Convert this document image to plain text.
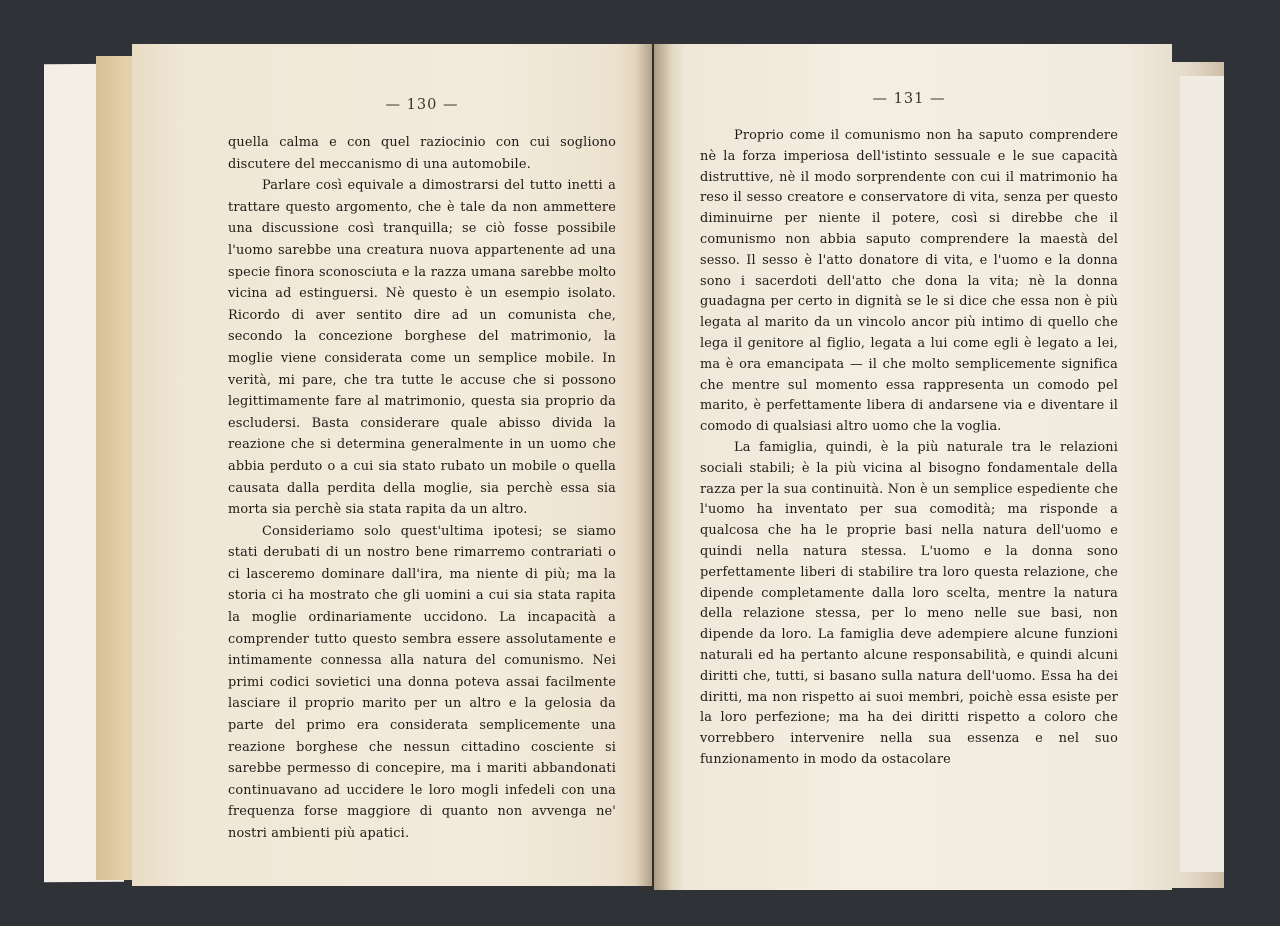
— 130 —

quella calma e con quel raziocinio con cui sogliono discutere del meccanismo di una automobile.

Parlare così equivale a dimostrarsi del tutto inetti a trattare questo argomento, che è tale da non ammettere una discussione così tranquilla; se ciò fosse possibile l'uomo sarebbe una creatura nuova appartenente ad una specie finora sconosciuta e la razza umana sarebbe molto vicina ad estinguersi. Nè questo è un esempio isolato. Ricordo di aver sentito dire ad un comunista che, secondo la concezione borghese del matrimonio, la moglie viene considerata come un semplice mobile. In verità, mi pare, che tra tutte le accuse che si possono legittimamente fare al matrimonio, questa sia proprio da escludersi. Basta considerare quale abisso divida la reazione che si determina generalmente in un uomo che abbia perduto o a cui sia stato rubato un mobile o quella causata dalla perdita della moglie, sia perchè essa sia morta sia perchè sia stata rapita da un altro.

Consideriamo solo quest'ultima ipotesi; se siamo stati derubati di un nostro bene rimarremo contrariati o ci lasceremo dominare dall'ira, ma niente di più; ma la storia ci ha mostrato che gli uomini a cui sia stata rapita la moglie ordinariamente uccidono. La incapacità a comprender tutto questo sembra essere assolutamente e intimamente connessa alla natura del comunismo. Nei primi codici sovietici una donna poteva assai facilmente lasciare il proprio marito per un altro e la gelosia da parte del primo era considerata semplicemente una reazione borghese che nessun cittadino cosciente si sarebbe permesso di concepire, ma i mariti abbandonati continuavano ad uccidere le loro mogli infedeli con una frequenza forse maggiore di quanto non avvenga ne' nostri ambienti più apatici.

— 131 —

Proprio come il comunismo non ha saputo comprendere nè la forza imperiosa dell'istinto sessuale e le sue capacità distruttive, nè il modo sorprendente con cui il matrimonio ha reso il sesso creatore e conservatore di vita, senza per questo diminuirne per niente il potere, così si direbbe che il comunismo non abbia saputo comprendere la maestà del sesso. Il sesso è l'atto donatore di vita, e l'uomo e la donna sono i sacerdoti dell'atto che dona la vita; nè la donna guadagna per certo in dignità se le si dice che essa non è più legata al marito da un vincolo ancor più intimo di quello che lega il genitore al figlio, legata a lui come egli è legato a lei, ma è ora emancipata — il che molto semplicemente significa che mentre sul momento essa rappresenta un comodo pel marito, è perfettamente libera di andarsene via e diventare il comodo di qualsiasi altro uomo che la voglia.

La famiglia, quindi, è la più naturale tra le relazioni sociali stabili; è la più vicina al bisogno fondamentale della razza per la sua continuità. Non è un semplice espediente che l'uomo ha inventato per sua comodità; ma risponde a qualcosa che ha le proprie basi nella natura dell'uomo e quindi nella natura stessa. L'uomo e la donna sono perfettamente liberi di stabilire tra loro questa relazione, che dipende completamente dalla loro scelta, mentre la natura della relazione stessa, per lo meno nelle sue basi, non dipende da loro. La famiglia deve adempiere alcune funzioni naturali ed ha pertanto alcune responsabilità, e quindi alcuni diritti che, tutti, si basano sulla natura dell'uomo. Essa ha dei diritti, ma non rispetto ai suoi membri, poichè essa esiste per la loro perfezione; ma ha dei diritti rispetto a coloro che vorrebbero intervenire nella sua essenza e nel suo funzionamento in modo da ostacolare
